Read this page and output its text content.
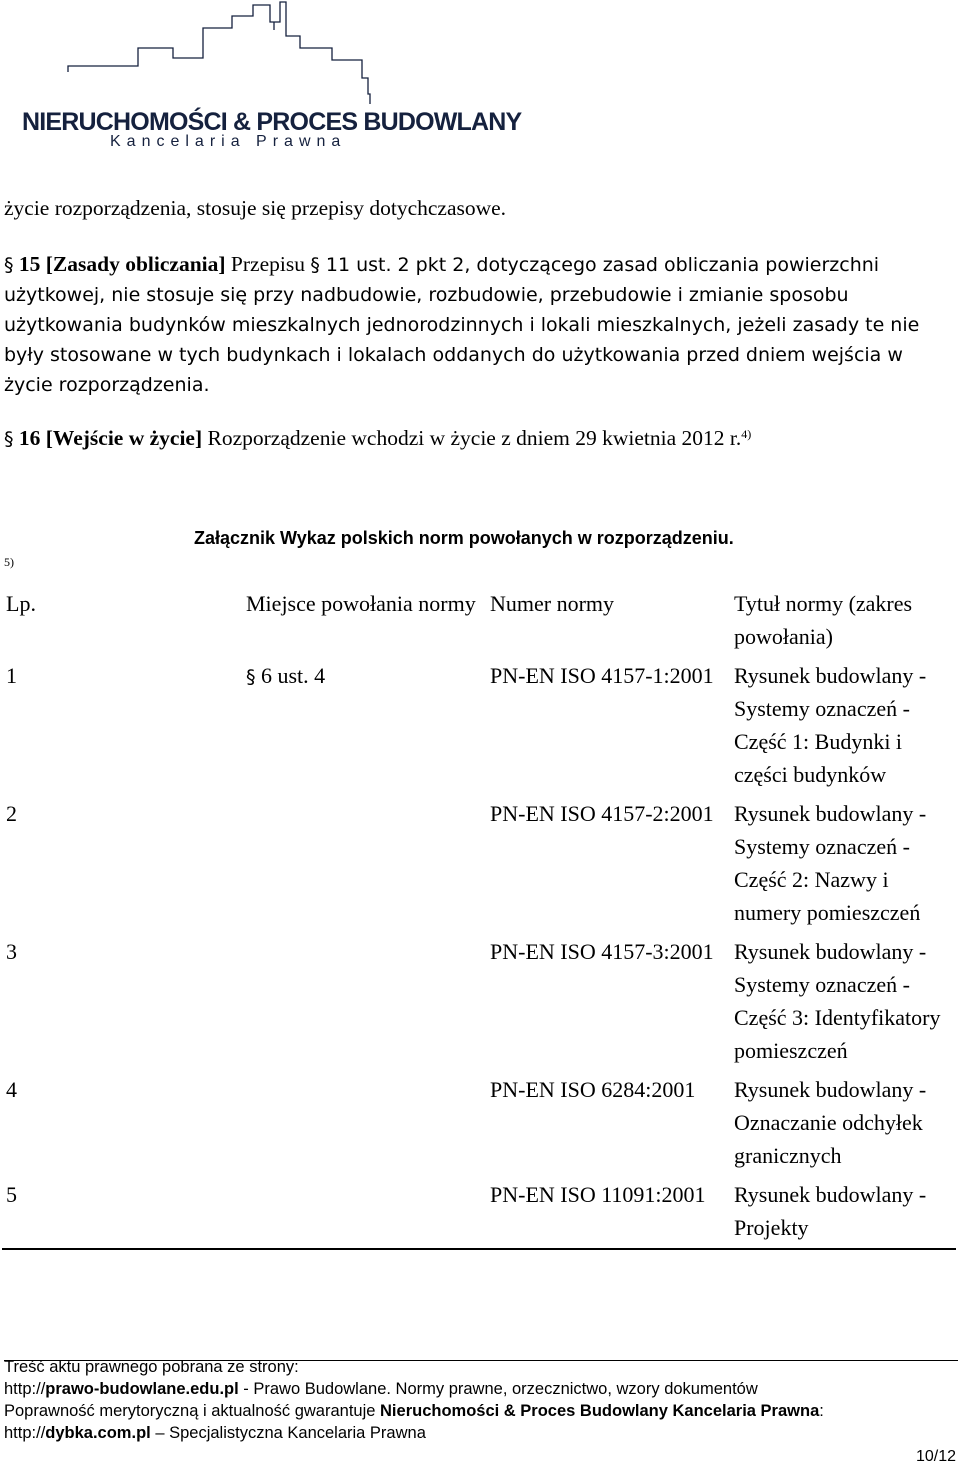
NIERUCHOMOŚCI & PROCES BUDOWLANY
Kancelaria Prawna
życie rozporządzenia, stosuje się przepisy dotychczasowe.
§ 15 [Zasady obliczania] Przepisu § 11 ust. 2 pkt 2, dotyczącego zasad obliczania powierzchni użytkowej, nie stosuje się przy nadbudowie, rozbudowie, przebudowie i zmianie sposobu użytkowania budynków mieszkalnych jednorodzinnych i lokali mieszkalnych, jeżeli zasady te nie były stosowane w tych budynkach i lokalach oddanych do użytkowania przed dniem wejścia w życie rozporządzenia.
§ 16 [Wejście w życie] Rozporządzenie wchodzi w życie z dniem 29 kwietnia 2012 r.$^{4)}$
5)
Załącznik Wykaz polskich norm powołanych w rozporządzeniu.
Lp.	Miejsce powołania normy	Numer normy	Tytuł normy (zakres powołania)
1	§ 6 ust. 4	PN-EN ISO 4157-1:2001	Rysunek budowlany - Systemy oznaczeń - Część 1: Budynki i części budynków
2		PN-EN ISO 4157-2:2001	Rysunek budowlany - Systemy oznaczeń - Część 2: Nazwy i numery pomieszczeń
3		PN-EN ISO 4157-3:2001	Rysunek budowlany - Systemy oznaczeń - Część 3: Identyfikatory pomieszczeń
4		PN-EN ISO 6284:2001	Rysunek budowlany - Oznaczanie odchyłek granicznych
5		PN-EN ISO 11091:2001	Rysunek budowlany - Projekty
Treść aktu prawnego pobrana ze strony:
http://prawo-budowlane.edu.pl - Prawo Budowlane. Normy prawne, orzecznictwo, wzory dokumentów
Poprawność merytoryczną i aktualność gwarantuje Nieruchomości & Proces Budowlany Kancelaria Prawna:
http://dybka.com.pl – Specjalistyczna Kancelaria Prawna
10/12
